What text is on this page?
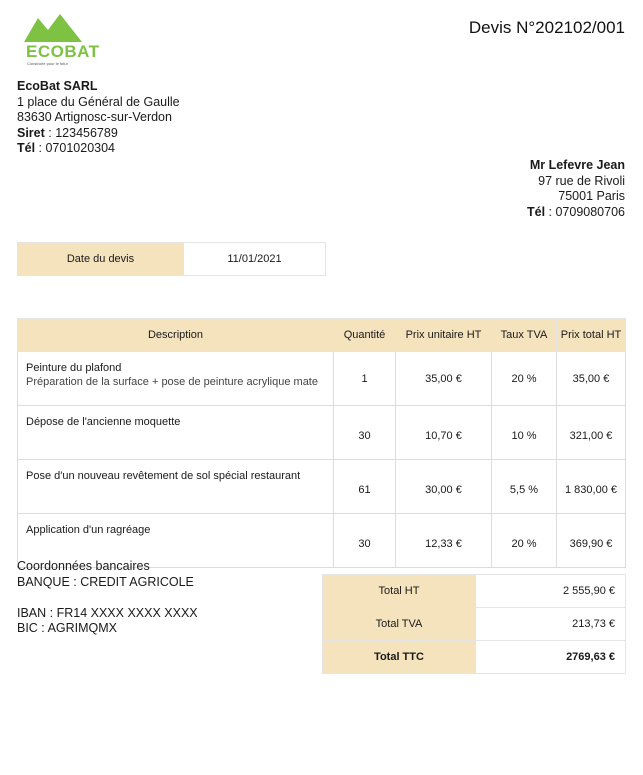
ECOBAT
Construire pour le futur
Devis N°202102/001
EcoBat SARL
1 place du Général de Gaulle
83630 Artignosc-sur-Verdon
Siret : 123456789
Tél : 0701020304
Mr Lefevre Jean
97 rue de Rivoli
75001 Paris
Tél : 0709080706
Date du devis	11/01/2021
Description	Quantité	Prix unitaire HT	Taux TVA	Prix total HT

Peinture du plafond
Préparation de la surface + pose de peinture acrylique mate	1	35,00 €	20 %	35,00 €

Dépose de l'ancienne moquette	30	10,70 €	10 %	321,00 €

Pose d'un nouveau revêtement de sol spécial restaurant	61	30,00 €	5,5 %	1 830,00 €

Application d'un ragréage	30	12,33 €	20 %	369,90 €
Coordonnées bancaires
BANQUE : CREDIT AGRICOLE
IBAN : FR14 XXXX XXXX XXXX
BIC : AGRIMQMX
Total HT	2 555,90 €
Total TVA	213,73 €
Total TTC	2769,63 €
